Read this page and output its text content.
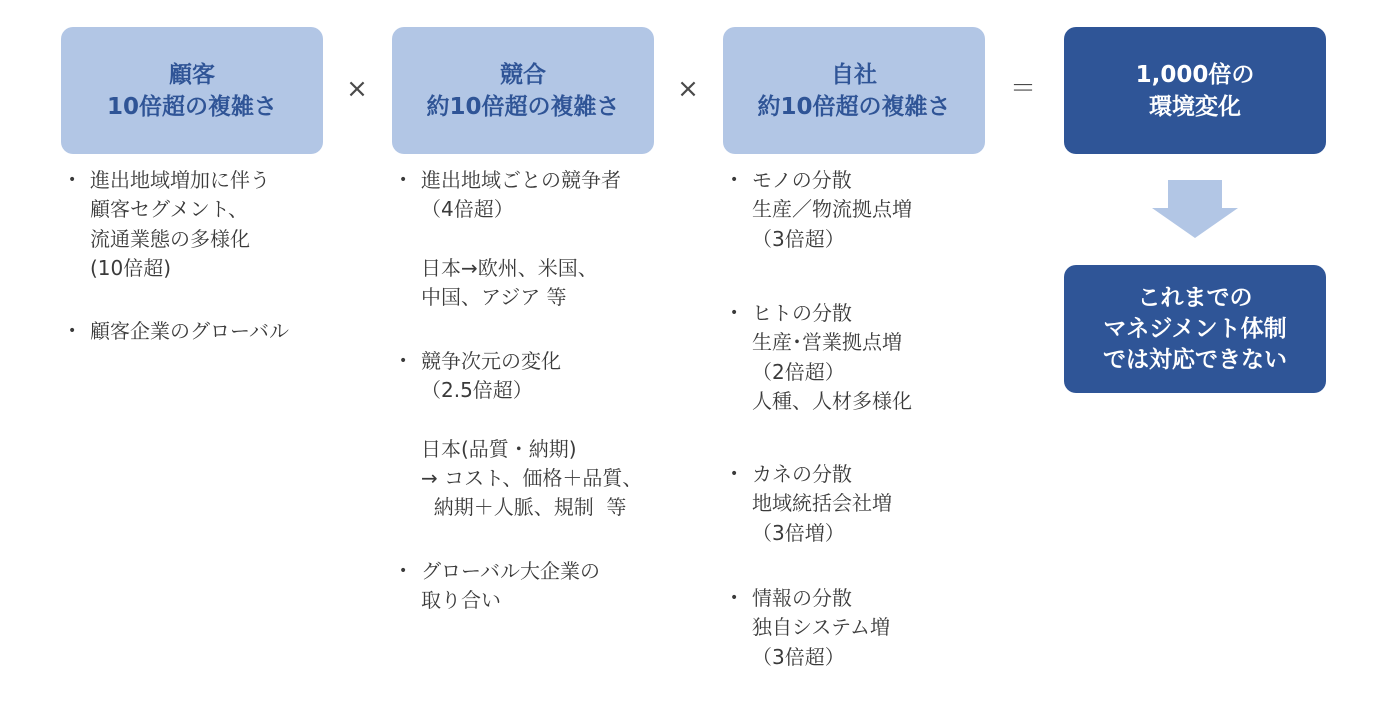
顧客
10倍超の複雑さ
×	競合
約10倍超の複雑さ
×	自社
約10倍超の複雑さ
＝	1,000倍の
環境変化
これまでの
マネジメント体制
では対応できない
• 進出地域増加に伴う
顧客セグメント、
流通業態の多様化
(10倍超)
• 顧客企業のグローバル
• 進出地域ごとの競争者
（4倍超）
日本→欧州、米国、
中国、アジア 等
• 競争次元の変化
（2.5倍超）
日本(品質・納期)
→ コスト、価格＋品質、
納期＋人脈、規制  等
• グローバル大企業の
取り合い
• モノの分散
生産／物流拠点増
（3倍超）
• ヒトの分散
生産･営業拠点増
（2倍超）
人種、人材多様化
• カネの分散
地域統括会社増
（3倍増）
• 情報の分散
独自システム増
（3倍超）
